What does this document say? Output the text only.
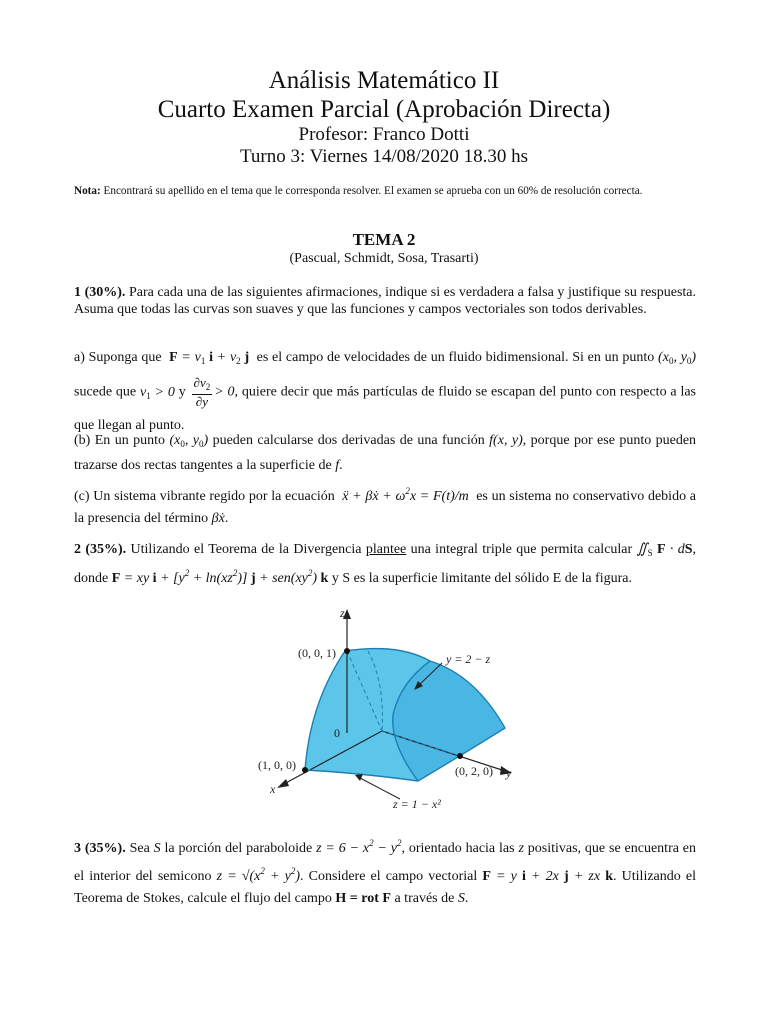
Análisis Matemático II
Cuarto Examen Parcial (Aprobación Directa)
Profesor: Franco Dotti
Turno 3: Viernes 14/08/2020 18.30 hs
Nota: Encontrará su apellido en el tema que le corresponda resolver. El examen se aprueba con un 60% de resolución correcta.
TEMA 2
(Pascual, Schmidt, Sosa, Trasarti)
1 (30%). Para cada una de las siguientes afirmaciones, indique si es verdadera a falsa y justifique su respuesta. Asuma que todas las curvas son suaves y que las funciones y campos vectoriales son todos derivables.
a) Suponga que $F = v_1$ $i + v_2$ j es el campo de velocidades de un fluido bidimensional. Si en un punto ($x_0$, $y_0$) sucede que $v_1 > 0$ y $\frac{\partial v_2}{\partial y} > 0$, quiere decir que más partículas de fluido se escapan del punto con respecto a las que llegan al punto.
(b) En un punto ($x_0$, $y_0$) pueden calcularse dos derivadas de una función f(x, y), porque por ese punto pueden trazarse dos rectas tangentes a la superficie de f.
(c) Un sistema vibrante regido por la ecuación ẍ + βẋ + $\omega^2x = F(t)/m$ es un sistema no conservativo debido a la presencia del término βẋ.
2 (35%). Utilizando el Teorema de la Divergencia plantee una integral triple que permita calcular $∬_S$ F · dS, donde F = xy $i + [y^2 + \ln(xz^2)] j + sen(xy^2)$ k y S es la superficie limitante del sólido E de la figura.
z
x
y
0
(0, 0, 1)
(1, 0, 0)	(0, 2, 0)
y = 2 − z
z = 1 − x²
3 (35%). Sea S la porción del paraboloide $z = 6 - x^2 - y^2$, orientado hacia las z positivas, que se encuentra en el interior del semicono $z = √(x^2 + y^2)$. Considere el campo vectorial F = y i + 2x j + zx k. Utilizando el Teorema de Stokes, calcule el flujo del campo H = rot F a través de S.
